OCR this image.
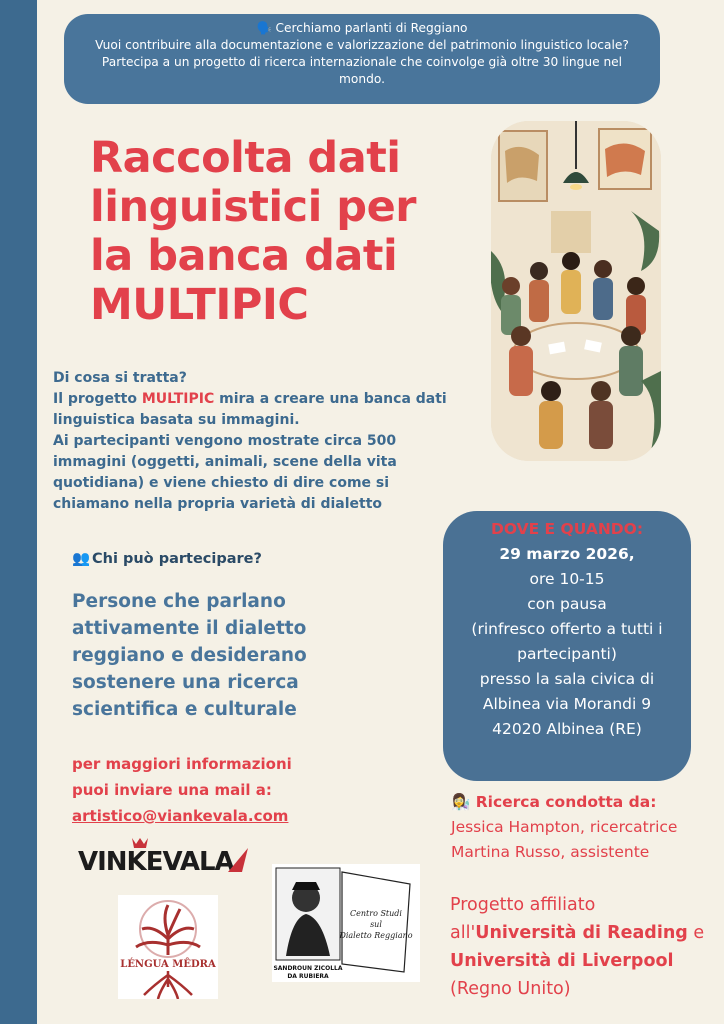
🗣️ Cerchiamo parlanti di Reggiano
Vuoi contribuire alla documentazione e valorizzazione del patrimonio linguistico locale?
Partecipa a un progetto di ricerca internazionale che coinvolge già oltre 30 lingue nel
mondo.
Raccolta dati
linguistici per
la banca dati
MULTIPIC
Di cosa si tratta?
Il progetto MULTIPIC mira a creare una banca dati
linguistica basata su immagini.
Ai partecipanti vengono mostrate circa 500
immagini (oggetti, animali, scene della vita
quotidiana) e viene chiesto di dire come si
chiamano nella propria varietà di dialetto
👥 Chi può partecipare?
Persone che parlano
attivamente il dialetto
reggiano e desiderano
sostenere una ricerca
scientifica e culturale
per maggiori informazioni
puoi inviare una mail a:
artistico@viankevala.com
DOVE E QUANDO:
29 marzo 2026,
ore 10-15
con pausa
(rinfresco offerto a tutti i
partecipanti)
presso la sala civica di
Albinea via Morandi 9
42020 Albinea (RE)
👩‍🔬 Ricerca condotta da:
Jessica Hampton, ricercatrice
Martina Russo, assistente
Progetto affiliato
all'Università di Reading e
Università di Liverpool
(Regno Unito)
VINKEVALA
LÉNGUA MÊDRA
Centro Studi
sul
Dialetto Reggiano
SANDROUN ZICOLLA
DA RUBIERA
